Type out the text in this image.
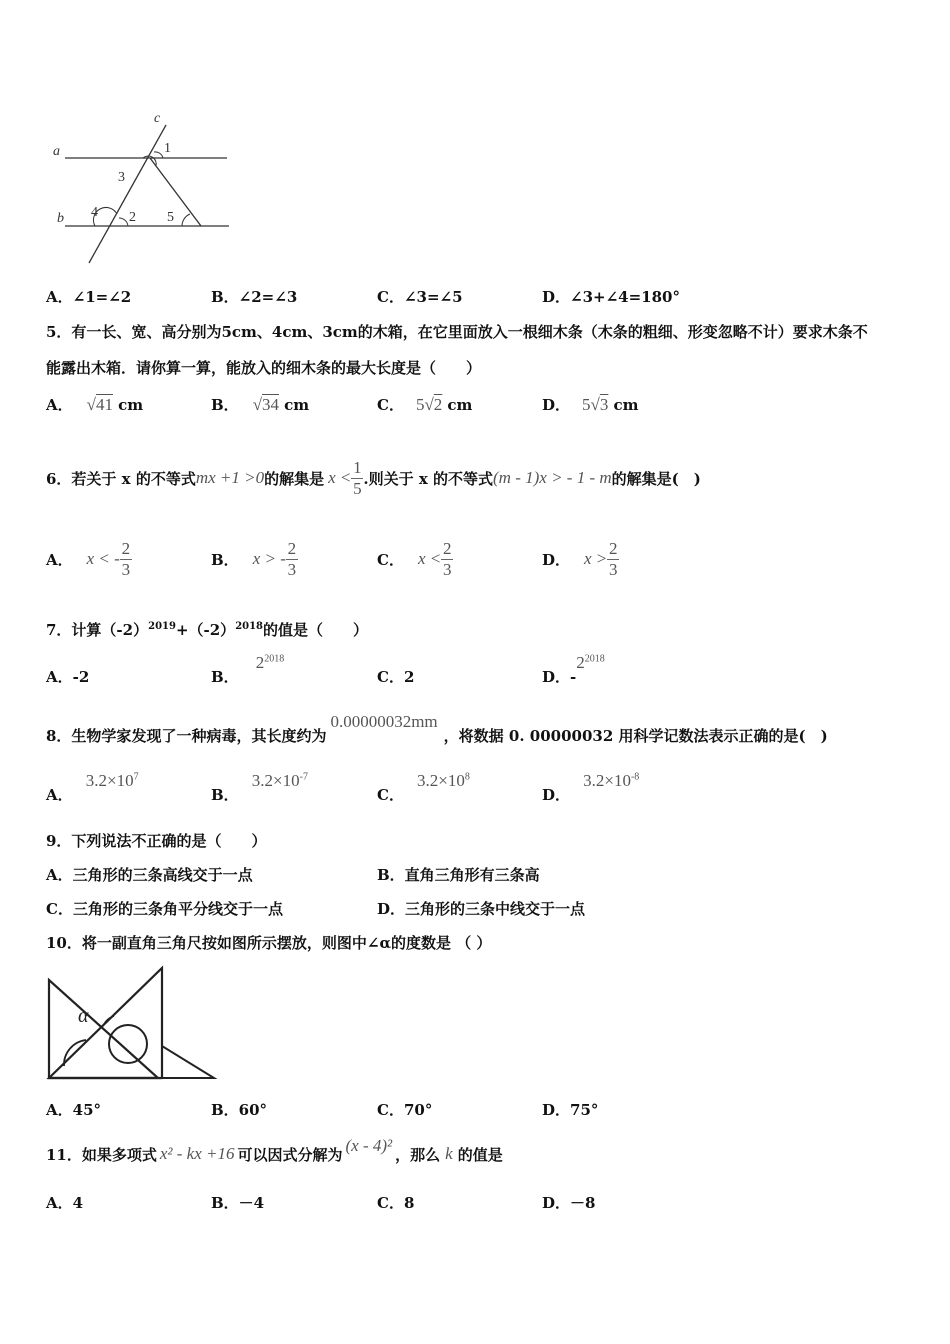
a
b
c
1
2
3
4	5
A．∠1=∠2	B．∠2=∠3	C．∠3=∠5	D．∠3+∠4=180°
5．有一长、宽、高分别为5cm、4cm、3cm的木箱，在它里面放入一根细木条（木条的粗细、形变忽略不计）要求木条不
能露出木箱．请你算一算，能放入的细木条的最大长度是（　　）
A． √41 cm	B． √34 cm	C． 5√2 cm	D． 5√3 cm
6．若关于 x 的不等式 mx +1 >0 的解集是 $x < \frac{1}{5}$ .则关于 x 的不等式 (m - 1)x > - 1 - m 的解集是(　)
A． x < - $\frac{2}{3}$	B． x > - $\frac{2}{3}$	C． $x < \frac{2}{3}$	D． $x > \frac{2}{3}$
7．计算$(-2)^{2019}+(-2)^{2018}$的值是（　　）
A．-2	B． $2^{2018}$
C．2	D．$-2^{2018}$
8．生物学家发现了一种病毒，其长度约为
0.00000032mm
，将数据 0. 00000032 用科学记数法表示正确的是(　)
A． $3.2\times 10^7$
B． $3.2\times 10^{-7}$
C． $3.2\times 10^8$
D． $3.2\times 10^{-8}$
9．下列说法不正确的是（　　）
A．三角形的三条高线交于一点	B．直角三角形有三条高
C．三角形的三条角平分线交于一点	D．三角形的三条中线交于一点
10．将一副直角三角尺按如图所示摆放，则图中∠α的度数是 （ ）
α
A．45°	B．60°	C．70°	D．75°
11．如果多项式 x² - kx +16 可以因式分解为 (x - 4)² ，那么 k 的值是
A．4	B．－4	C．8	D．－8
